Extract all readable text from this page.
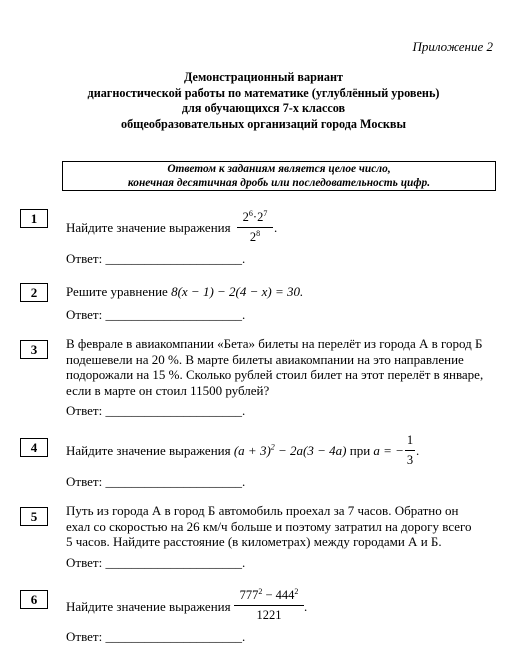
Приложение 2
Демонстрационный вариант
диагностической работы по математике (углублённый уровень)
для обучающихся 7-х классов
общеобразовательных организаций города Москвы
Ответом к заданиям является целое число,
конечная десятичная дробь или последовательность цифр.
1
Найдите значение выражения
$2^6\cdot 2^7$
$2^8$	.
Ответ: _____________________.
2	Решите уравнение 8(x − 1) − 2(4 − x) = 30.
Ответ: _____________________.
3	В феврале в авиакомпании «Бета» билеты на перелёт из города А в город Б
подешевели на 20 %. В марте билеты авиакомпании на это направление
подорожали на 15 %. Сколько рублей стоил билет на этот перелёт в январе,
если в марте он стоил 11500 рублей?
Ответ: _____________________.
4	Найдите значение выражения $(a + 3)^2 - 2a(3 - 4a)$ при a = −
1
3
.
Ответ: _____________________.
5	Путь из города А в город Б автомобиль проехал за 7 часов. Обратно он
ехал со скоростью на 26 км/ч больше и поэтому затратил на дорогу всего
5 часов. Найдите расстояние (в километрах) между городами А и Б.
Ответ: _____________________.
6	Найдите значение выражения
$777^2 - 444^2$
1221
.
Ответ: _____________________.
